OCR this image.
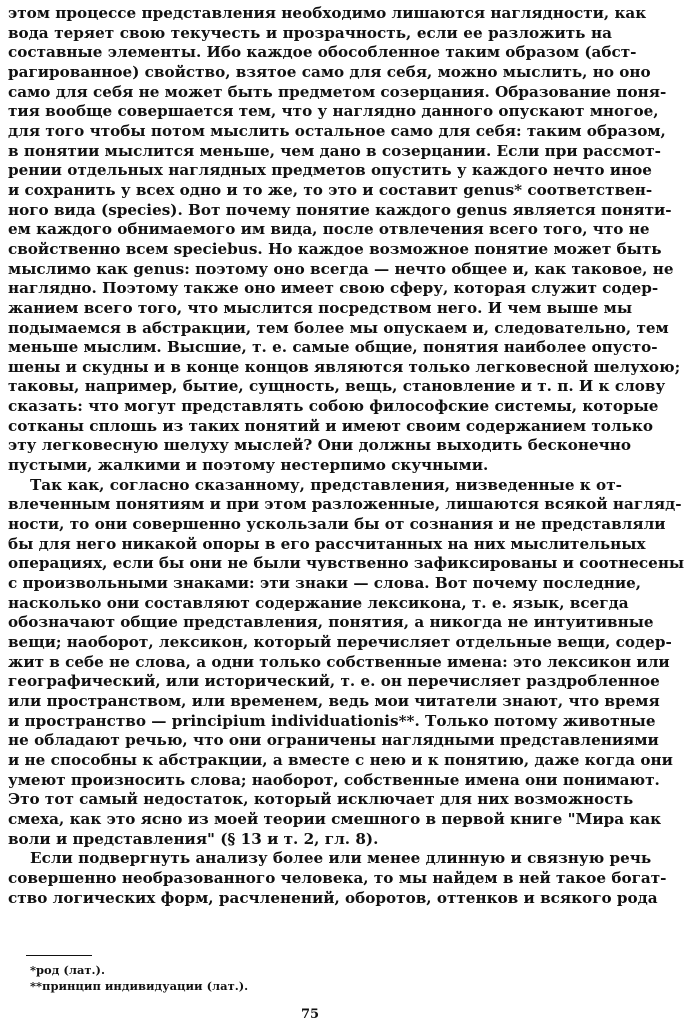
этом процессе представления необходимо лишаются наглядности, как
вода теряет свою текучесть и прозрачность, если ее разложить на
составные элементы. Ибо каждое обособленное таким образом (абст-
рагированное) свойство, взятое само для себя, можно мыслить, но оно
само для себя не может быть предметом созерцания. Образование поня-
тия вообще совершается тем, что у наглядно данного опускают многое,
для того чтобы потом мыслить остальное само для себя: таким образом,
в понятии мыслится меньше, чем дано в созерцании. Если при рассмот-
рении отдельных наглядных предметов опустить у каждого нечто иное
и сохранить у всех одно и то же, то это и составит genus* соответствен-
ного вида (species). Вот почему понятие каждого genus является поняти-
ем каждого обнимаемого им вида, после отвлечения всего того, что не
свойственно всем speciebus. Но каждое возможное понятие может быть
мыслимо как genus: поэтому оно всегда — нечто общее и, как таковое, не
наглядно. Поэтому также оно имеет свою сферу, которая служит содер-
жанием всего того, что мыслится посредством него. И чем выше мы
подымаемся в абстракции, тем более мы опускаем и, следовательно, тем
меньше мыслим. Высшие, т. е. самые общие, понятия наиболее опусто-
шены и скудны и в конце концов являются только легковесной шелухою;
таковы, например, бытие, сущность, вещь, становление и т. п. И к слову
сказать: что могут представлять собою философские системы, которые
сотканы сплошь из таких понятий и имеют своим содержанием только
эту легковесную шелуху мыслей? Они должны выходить бесконечно
пустыми, жалкими и поэтому нестерпимо скучными.
Так как, согласно сказанному, представления, низведенные к от-
влеченным понятиям и при этом разложенные, лишаются всякой нагляд-
ности, то они совершенно ускользали бы от сознания и не представляли
бы для него никакой опоры в его рассчитанных на них мыслительных
операциях, если бы они не были чувственно зафиксированы и соотнесены
с произвольными знаками: эти знаки — слова. Вот почему последние,
насколько они составляют содержание лексикона, т. е. язык, всегда
обозначают общие представления, понятия, а никогда не интуитивные
вещи; наоборот, лексикон, который перечисляет отдельные вещи, содер-
жит в себе не слова, а одни только собственные имена: это лексикон или
географический, или исторический, т. е. он перечисляет раздробленное
или пространством, или временем, ведь мои читатели знают, что время
и пространство — principium individuationis**. Только потому животные
не обладают речью, что они ограничены наглядными представлениями
и не способны к абстракции, а вместе с нею и к понятию, даже когда они
умеют произносить слова; наоборот, собственные имена они понимают.
Это тот самый недостаток, который исключает для них возможность
смеха, как это ясно из моей теории смешного в первой книге "Мира как
воли и представления" (§ 13 и т. 2, гл. 8).
Если подвергнуть анализу более или менее длинную и связную речь
совершенно необразованного человека, то мы найдем в ней такое богат-
ство логических форм, расчленений, оборотов, оттенков и всякого рода
*род (лат.).
**принцип индивидуации (лат.).
75
